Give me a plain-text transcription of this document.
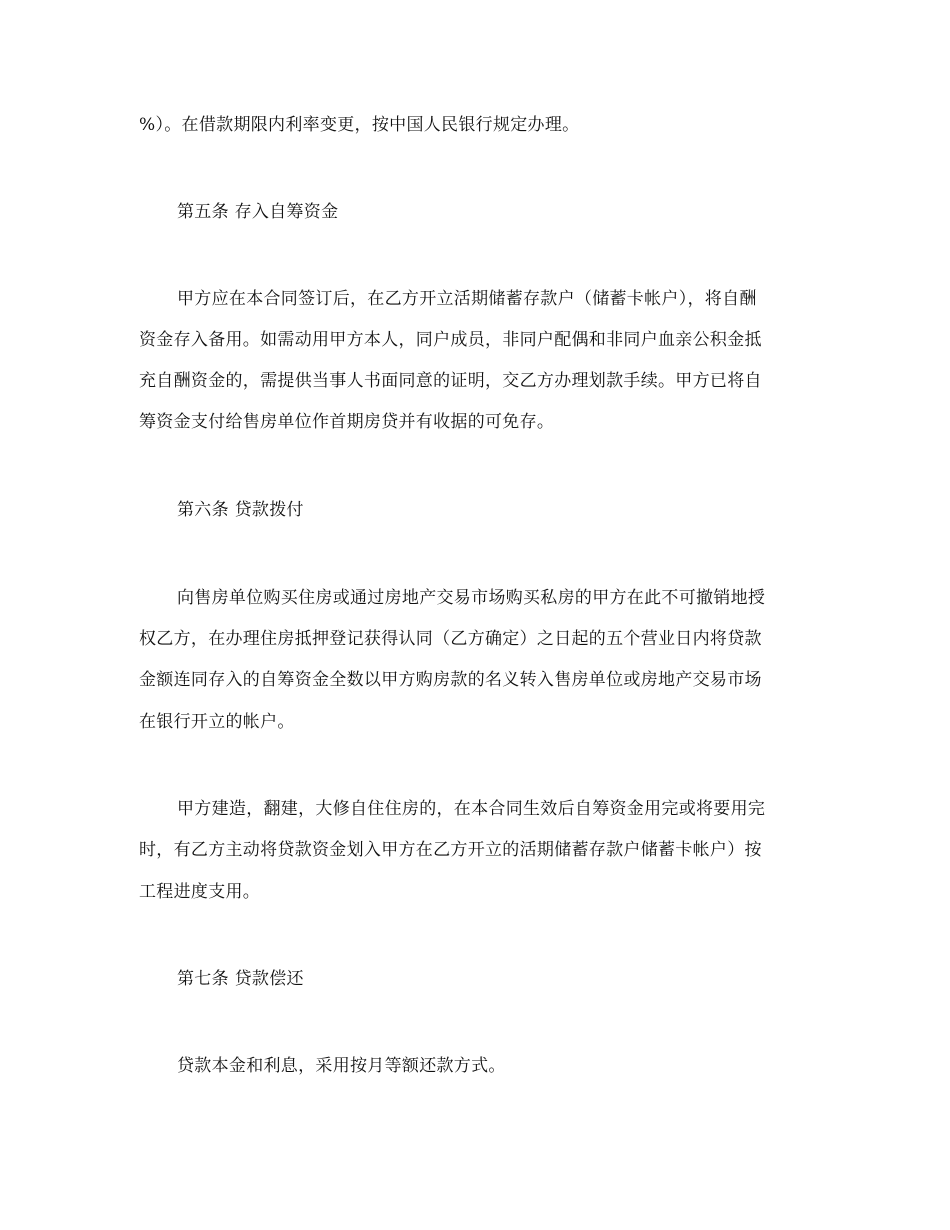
%）。在借款期限内利率变更，按中国人民银行规定办理。
第五条 存入自筹资金
甲方应在本合同签订后，在乙方开立活期储蓄存款户（储蓄卡帐户），将自酬
资金存入备用。如需动用甲方本人，同户成员，非同户配偶和非同户血亲公积金抵
充自酬资金的，需提供当事人书面同意的证明，交乙方办理划款手续。甲方已将自
筹资金支付给售房单位作首期房贷并有收据的可免存。
第六条 贷款拨付
向售房单位购买住房或通过房地产交易市场购买私房的甲方在此不可撤销地授
权乙方，在办理住房抵押登记获得认同（乙方确定）之日起的五个营业日内将贷款
金额连同存入的自筹资金全数以甲方购房款的名义转入售房单位或房地产交易市场
在银行开立的帐户。
甲方建造，翻建，大修自住住房的，在本合同生效后自筹资金用完或将要用完
时，有乙方主动将贷款资金划入甲方在乙方开立的活期储蓄存款户储蓄卡帐户）按
工程进度支用。
第七条 贷款偿还
贷款本金和利息，采用按月等额还款方式。
